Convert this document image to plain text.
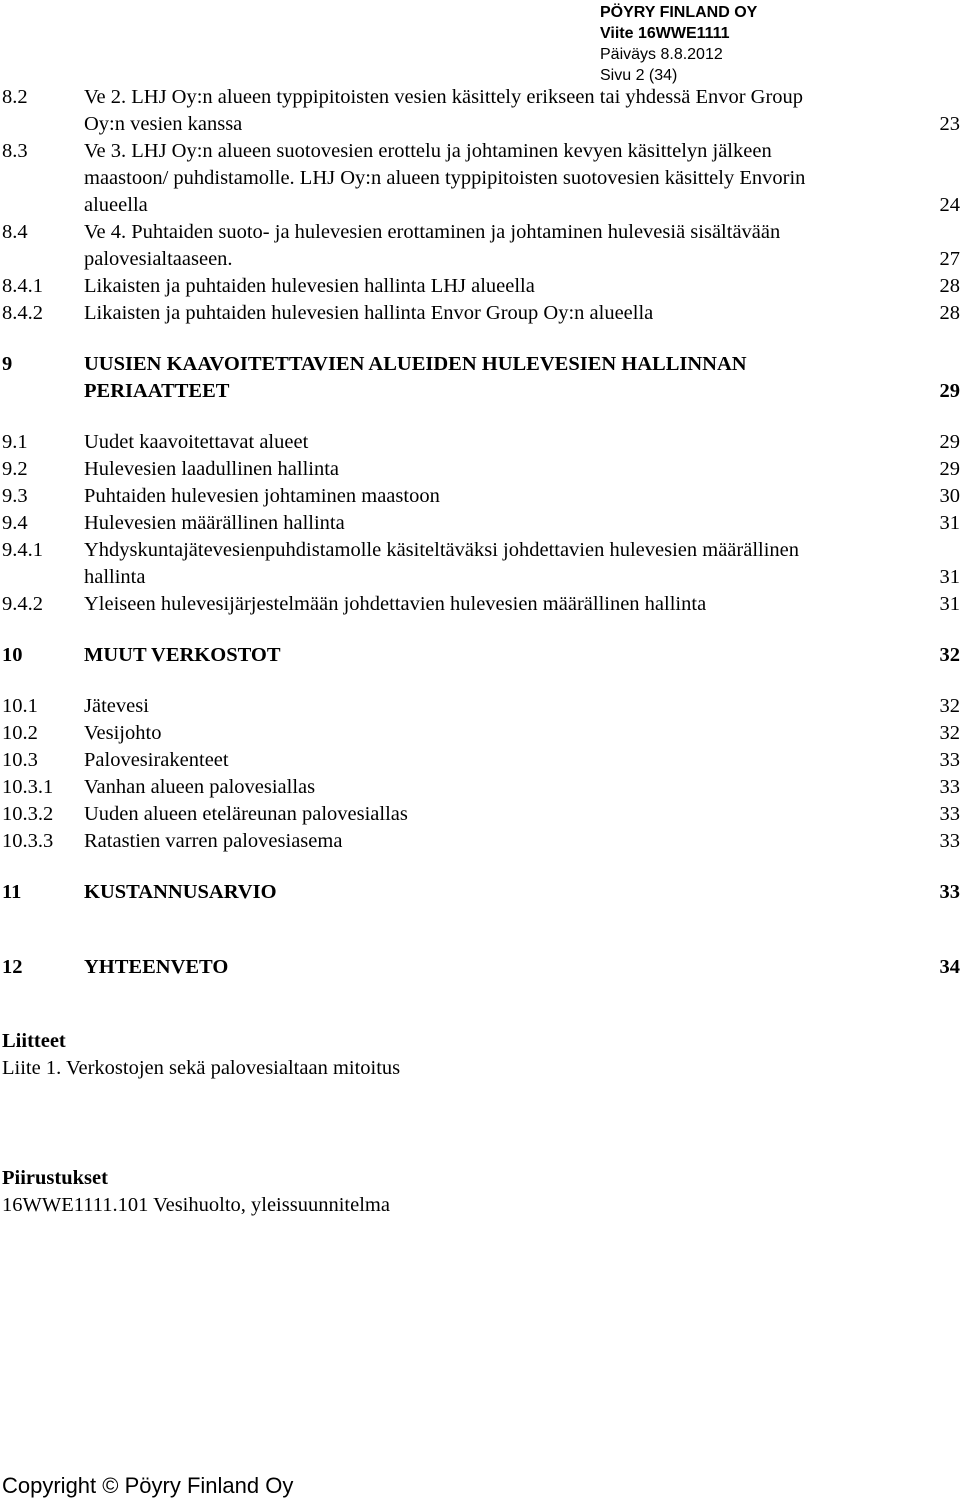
PÖYRY FINLAND OY
Viite 16WWE1111
Päiväys 8.8.2012
Sivu 2 (34)
8.2	Ve 2. LHJ Oy:n alueen typpipitoisten vesien käsittely erikseen tai yhdessä Envor Group
Oy:n vesien kanssa	23
8.3	Ve 3. LHJ Oy:n alueen suotovesien erottelu ja johtaminen kevyen käsittelyn jälkeen
maastoon/ puhdistamolle. LHJ Oy:n alueen typpipitoisten suotovesien käsittely Envorin
alueella	24
8.4	Ve 4. Puhtaiden suoto- ja hulevesien erottaminen ja johtaminen hulevesiä sisältävään
palovesialtaaseen.	27
8.4.1 Likaisten ja puhtaiden hulevesien hallinta LHJ alueella	28
8.4.2 Likaisten ja puhtaiden hulevesien hallinta Envor Group Oy:n alueella	28
9	UUSIEN KAAVOITETTAVIEN ALUEIDEN HULEVESIEN HALLINNAN
PERIAATTEET	29
9.1	Uudet kaavoitettavat alueet	29
9.2	Hulevesien laadullinen hallinta	29
9.3	Puhtaiden hulevesien johtaminen maastoon	30
9.4	Hulevesien määrällinen hallinta	31
9.4.1 Yhdyskuntajätevesienpuhdistamolle käsiteltäväksi johdettavien hulevesien määrällinen
hallinta	31
9.4.2 Yleiseen hulevesijärjestelmään johdettavien hulevesien määrällinen hallinta	31
10	MUUT VERKOSTOT	32
10.1 Jätevesi	32
10.2 Vesijohto	32
10.3 Palovesirakenteet	33
10.3.1 Vanhan alueen palovesiallas	33
10.3.2 Uuden alueen eteläreunan palovesiallas	33
10.3.3 Ratastien varren palovesiasema	33
11	KUSTANNUSARVIO	33
12	YHTEENVETO	34
Liitteet
Liite 1. Verkostojen sekä palovesialtaan mitoitus
Piirustukset
16WWE1111.101 Vesihuolto, yleissuunnitelma
Copyright © Pöyry Finland Oy
